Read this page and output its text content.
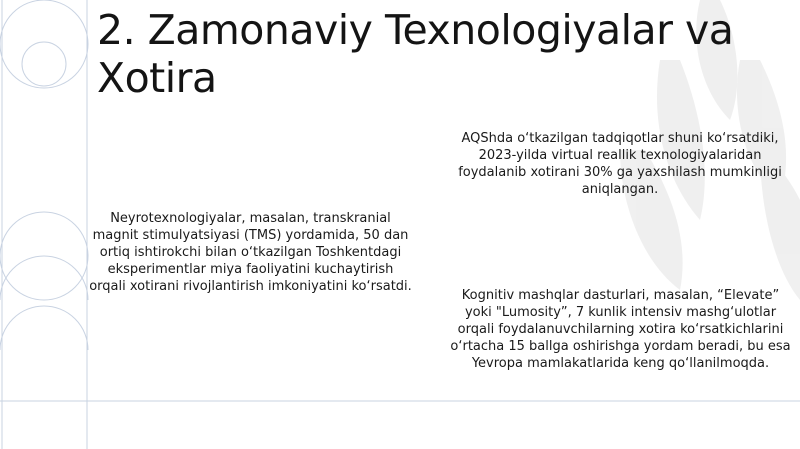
2. Zamonaviy Texnologiyalar va Xotira

Neyrotexnologiyalar, masalan, transkranial magnit stimulyatsiyasi (TMS) yordamida, 50 dan ortiq ishtirokchi bilan o‘tkazilgan Toshkentdagi eksperimentlar miya faoliyatini kuchaytirish orqali xotirani rivojlantirish imkoniyatini ko‘rsatdi.

AQShda o‘tkazilgan tadqiqotlar shuni ko‘rsatdiki, 2023-yilda virtual reallik texnologiyalaridan foydalanib xotirani 30% ga yaxshilash mumkinligi aniqlangan.

Kognitiv mashqlar dasturlari, masalan, “Elevate” yoki "Lumosity”, 7 kunlik intensiv mashg‘ulotlar orqali foydalanuvchilarning xotira ko‘rsatkichlarini o‘rtacha 15 ballga oshirishga yordam beradi, bu esa Yevropa mamlakatlarida keng qo‘llanilmoqda.
